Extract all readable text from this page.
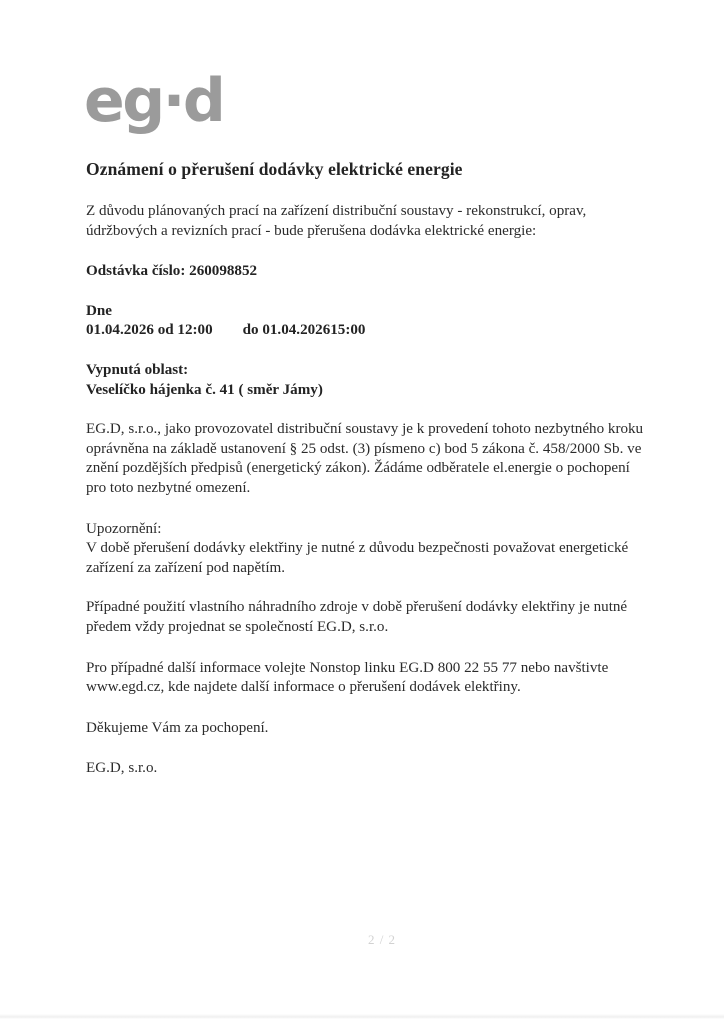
eg·d
Oznámení o přerušení dodávky elektrické energie

Z důvodu plánovaných prací na zařízení distribuční soustavy - rekonstrukcí, oprav, údržbových a revizních prací - bude přerušena dodávka elektrické energie:

Odstávka číslo: 260098852
Dne
01.04.2026 od 12:00 do 01.04.202615:00
Vypnutá oblast:
Veselíčko hájenka č. 41 ( směr Jámy)

EG.D, s.r.o., jako provozovatel distribuční soustavy je k provedení tohoto nezbytného kroku oprávněna na základě ustanovení § 25 odst. (3) písmeno c) bod 5 zákona č. 458/2000 Sb. ve znění pozdějších předpisů (energetický zákon). Žádáme odběratele el.energie o pochopení pro toto nezbytné omezení.

Upozornění:
V době přerušení dodávky elektřiny je nutné z důvodu bezpečnosti považovat energetické zařízení za zařízení pod napětím.

Případné použití vlastního náhradního zdroje v době přerušení dodávky elektřiny je nutné předem vždy projednat se společností EG.D, s.r.o.

Pro případné další informace volejte Nonstop linku EG.D 800 22 55 77 nebo navštivte www.egd.cz, kde najdete další informace o přerušení dodávek elektřiny.

Děkujeme Vám za pochopení.

EG.D, s.r.o.

2 / 2
